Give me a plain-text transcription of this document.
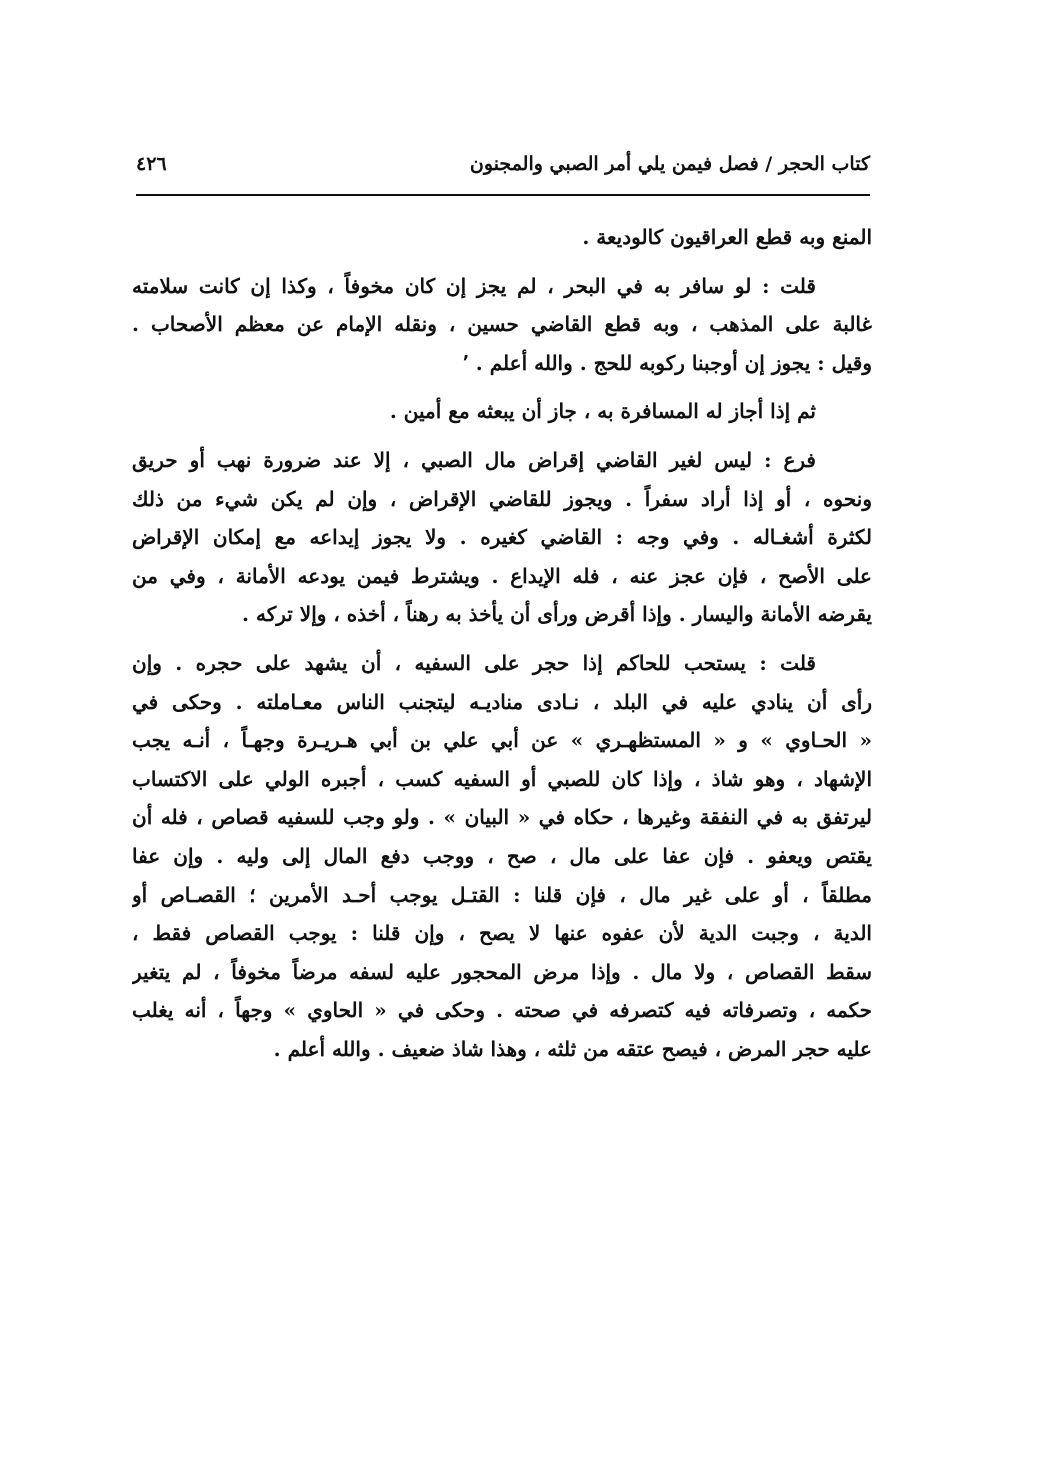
كتاب الحجر / فصل فيمن يلي أمر الصبي والمجنون
٤٢٦
المنع وبه قطع العراقيون كالوديعة .
قلت : لو سافر به في البحر ، لم يجز إن كان مخوفاً ، وكذا إن كانت سلامته
غالبة على المذهب ، وبه قطع القاضي حسين ، ونقله الإمام عن معظم الأصحاب .
وقيل : يجوز إن أوجبنا ركوبه للحج . والله أعلم . ٬
ثم إذا أجاز له المسافرة به ، جاز أن يبعثه مع أمين .
فرع : ليس لغير القاضي إقراض مال الصبي ، إلا عند ضرورة نهب أو حريق
ونحوه ، أو إذا أراد سفراً . ويجوز للقاضي الإقراض ، وإن لم يكن شيء من ذلك
لكثرة أشغـاله . وفي وجه : القاضي كغيره . ولا يجوز إيداعه مع إمكان الإقراض
على الأصح ، فإن عجز عنه ، فله الإيداع . ويشترط فيمن يودعه الأمانة ، وفي من
يقرضه الأمانة واليسار . وإذا أقرض ورأى أن يأخذ به رهناً ، أخذه ، وإلا تركه .
قلت : يستحب للحاكم إذا حجر على السفيه ، أن يشهد على حجره . وإن
رأى أن ينادي عليه في البلد ، نـادى مناديـه ليتجنب الناس معـاملته . وحكى في
« الحـاوي » و « المستظهـري » عن أبي علي بن أبي هـريـرة وجهـاً ، أنـه يجب
الإشهاد ، وهو شاذ ، وإذا كان للصبي أو السفيه كسب ، أجبره الولي على الاكتساب
ليرتفق به في النفقة وغيرها ، حكاه في « البيان » . ولو وجب للسفيه قصاص ، فله أن
يقتص ويعفو . فإن عفا على مال ، صح ، ووجب دفع المال إلى وليه . وإن عفا
مطلقاً ، أو على غير مال ، فإن قلنا : القتـل يوجب أحـد الأمرين ؛ القصـاص أو
الدية ، وجبت الدية لأن عفوه عنها لا يصح ، وإن قلنا : يوجب القصاص فقط ،
سقط القصاص ، ولا مال . وإذا مرض المحجور عليه لسفه مرضاً مخوفاً ، لم يتغير
حكمه ، وتصرفاته فيه كتصرفه في صحته . وحكى في « الحاوي » وجهاً ، أنه يغلب
عليه حجر المرض ، فيصح عتقه من ثلثه ، وهذا شاذ ضعيف . والله أعلم .
